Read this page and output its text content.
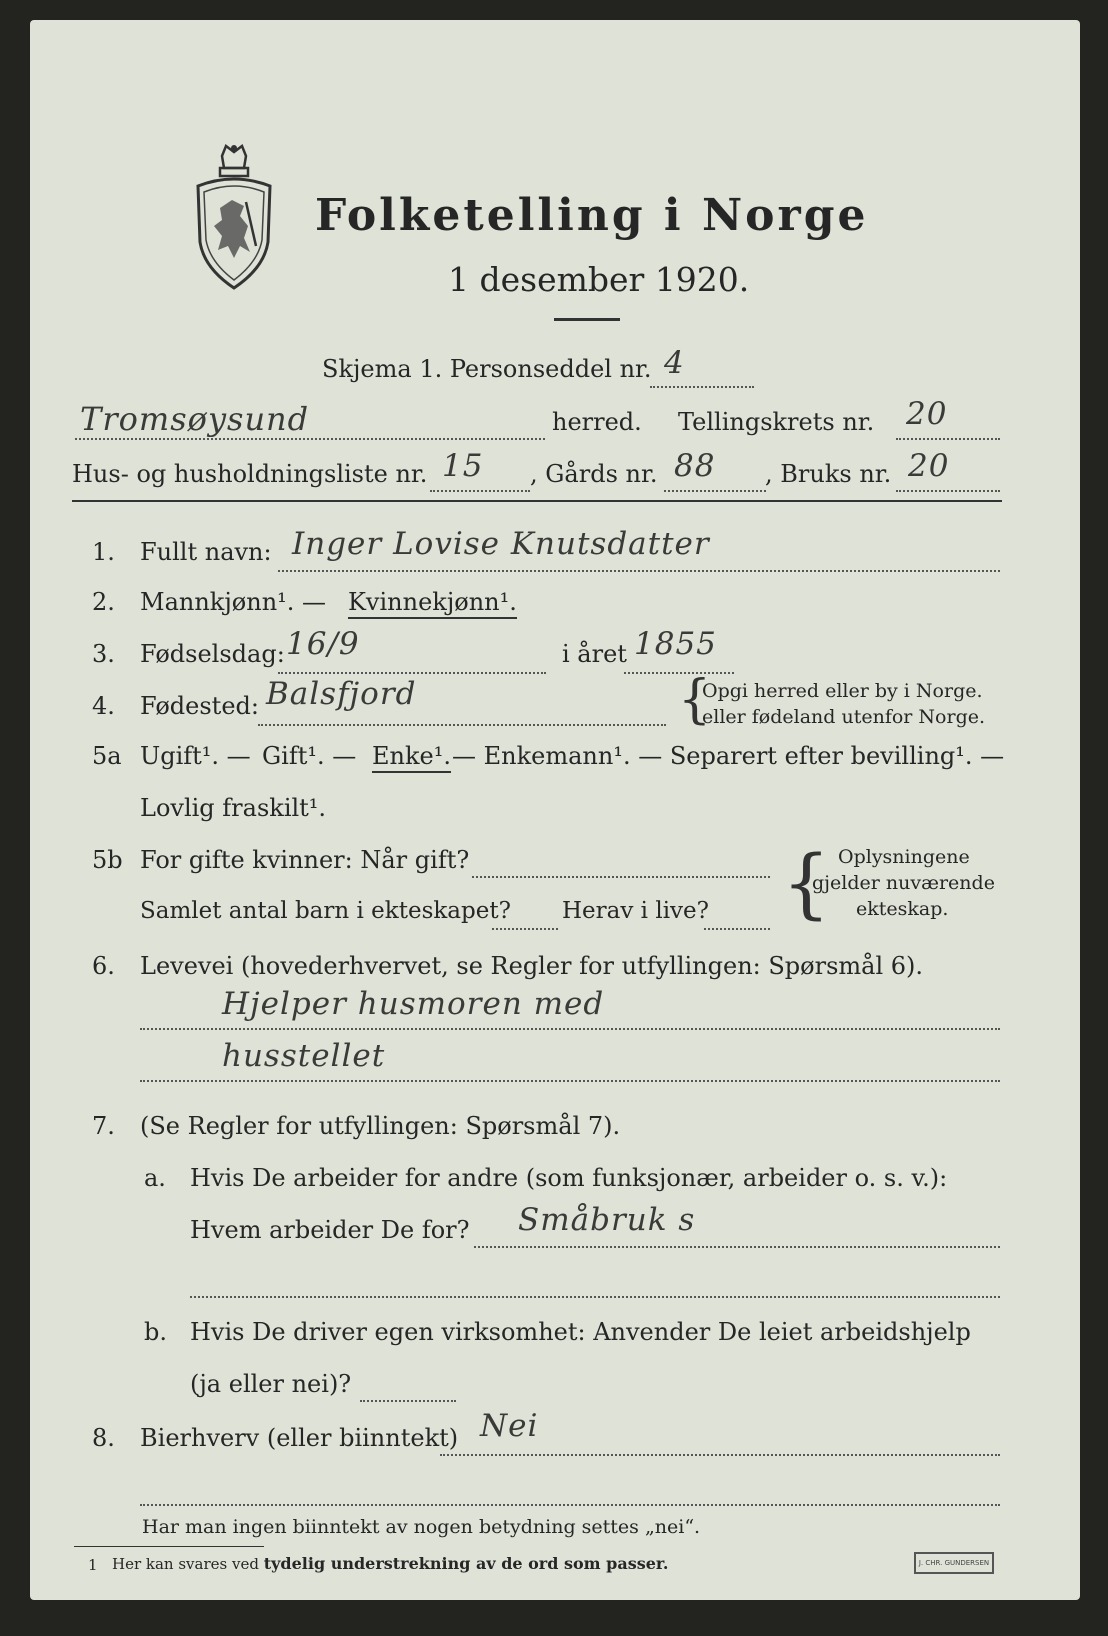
Folketelling i Norge
1 desember 1920.
Skjema 1. Personseddel nr. 4
Tromsøysund	herred. Tellingskrets nr. 20
Hus- og husholdningsliste nr. 15 , Gårds nr. 88 , Bruks nr. 20
1. Fullt navn: Inger Lovise Knutsdatter
2. Mannkjønn¹. — Kvinnekjønn¹.
3. Fødselsdag: 16/9	i året 1855
4. Fødested: Balsfjord	{
Opgi herred eller by i Norge.
eller fødeland utenfor Norge.
5a Ugift¹. — Gift¹. — Enke¹. — Enkemann¹. — Separert efter bevilling¹. —
Lovlig fraskilt¹.
5b For gifte kvinner: Når gift?
Samlet antal barn i ekteskapet? Herav i live? { Oplysningene
gjelder nuværende
ekteskap.
6. Levevei (hovederhvervet, se Regler for utfyllingen: Spørsmål 6).
Hjelper husmoren med
husstellet
7. (Se Regler for utfyllingen: Spørsmål 7).
a. Hvis De arbeider for andre (som funksjonær, arbeider o. s. v.):
Hvem arbeider De for? Småbruk s
b. Hvis De driver egen virksomhet: Anvender De leiet arbeidshjelp
(ja eller nei)?
8. Bierhverv (eller biinntekt) Nei
Har man ingen biinntekt av nogen betydning settes „nei“.
1 Her kan svares ved tydelig understrekning av de ord som passer.	J. CHR. GUNDERSEN
